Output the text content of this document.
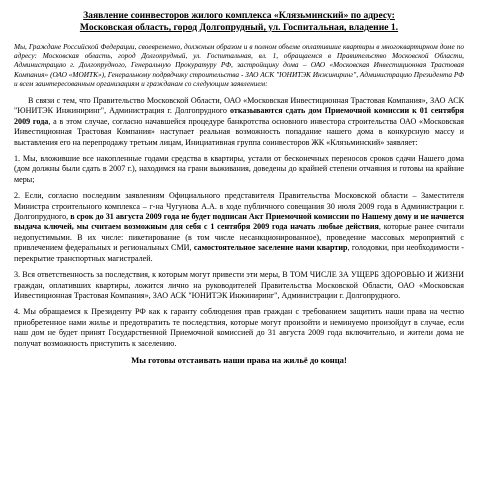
Заявление соинвесторов жилого комплекса «Клязьминский» по адресу:
Московская область, город Долгопрудный, ул. Госпитальная, владение 1.

Мы, Граждане Российской Федерации, своевременно, должным образом и в полном объеме оплатившие квартиры в многоквартирном доме по адресу: Московская область, город Долгопрудный, ул. Госпитальная, вл. 1, обращаемся в Правительство Московской Области, Администрацию г. Долгопрудного, Генеральную Прокуратуру РФ, застройщику дома – ОАО «Московская Инвестиционная Трастовая Компания» (ОАО «МОИТК»), Генеральному подрядчику строительства - ЗАО АСК "ЮНИТЭК Инжиниринг", Администрацию Президента РФ и всем заинтересованным организациям и гражданам со следующим заявлением:

В связи с тем, что Правительство Московской Области, ОАО «Московская Инвестиционная Трастовая Компания», ЗАО АСК "ЮНИТЭК Инжиниринг", Администрация г. Долгопрудного отказываются сдать дом Приемочной комиссии к 01 сентября 2009 года, а в этом случае, согласно начавшейся процедуре банкротства основного инвестора строительства ОАО «Московская Инвестиционная Трастовая Компания» наступает реальная возможность попадание нашего дома в конкурсную массу и выставления его на перепродажу третьим лицам, Инициативная группа соинвесторов ЖК «Клязьминский» заявляет:

1. Мы, вложившие все накопленные годами средства в квартиры, устали от бесконечных переносов сроков сдачи Нашего дома (дом должны были сдать в 2007 г.), находимся на грани выживания, доведены до крайней степени отчаяния и готовы на крайние меры;

2. Если, согласно последним заявлениям Официального представителя Правительства Московской области – Заместителя Министра строительного комплекса – г-на Чугунова А.А. в ходе публичного совещания 30 июля 2009 года в Администрации г. Долгопрудного, в срок до 31 августа 2009 года не будет подписан Акт Приемочной комиссии по Нашему дому и не начнется выдача ключей, мы считаем возможным для себя с 1 сентября 2009 года начать любые действия, которые ранее считали недопустимыми. В их числе: пикетирование (в том числе несанкционированное), проведение массовых мероприятий с привлечением федеральных и региональных СМИ, самостоятельное заселение нами квартир, голодовки, при необходимости - перекрытие транспортных магистралей.

3. Вся ответственность за последствия, к которым могут привести эти меры, В ТОМ ЧИСЛЕ ЗА УЩЕРБ ЗДОРОВЬЮ И ЖИЗНИ граждан, оплативших квартиры, ложится лично на руководителей Правительства Московской Области, ОАО «Московская Инвестиционная Трастовая Компания», ЗАО АСК "ЮНИТЭК Инжиниринг", Администрации г. Долгопрудного.

4. Мы обращаемся к Президенту РФ как к гаранту соблюдения прав граждан с требованием защитить наши права на честно приобретенное нами жилье и предотвратить те последствия, которые могут произойти и неминуемо произойдут в случае, если наш дом не будет принят Государственной Приемочной комиссией до 31 августа 2009 года включительно, и жители дома не получат возможность приступить к заселению.

Мы готовы отстаивать наши права на жильё до конца!
